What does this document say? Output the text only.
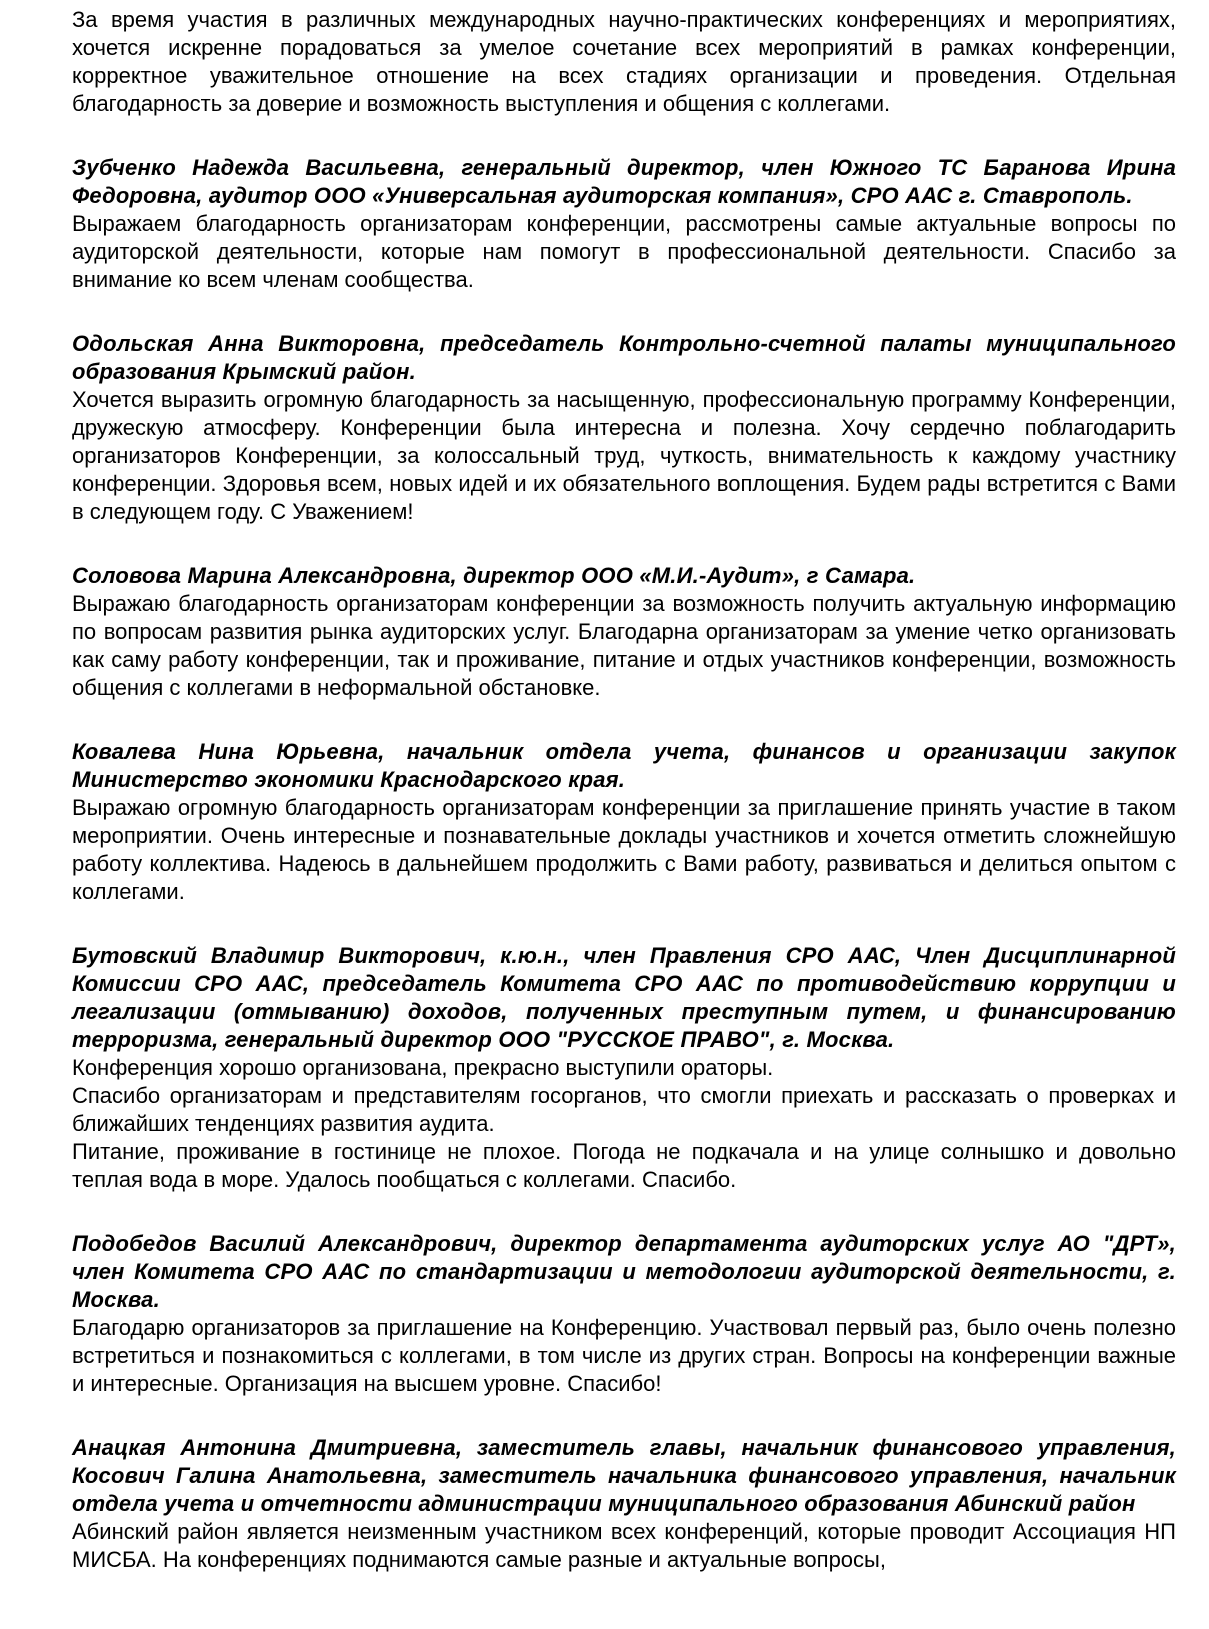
За время участия в различных международных научно-практических конференциях и мероприятиях, хочется искренне порадоваться за умелое сочетание всех мероприятий в рамках конференции, корректное уважительное отношение на всех стадиях организации и проведения. Отдельная благодарность за доверие и возможность выступления и общения с коллегами.

Зубченко Надежда Васильевна, генеральный директор, член Южного ТС Баранова Ирина Федоровна, аудитор ООО «Универсальная аудиторская компания», СРО ААС г. Ставрополь.

Выражаем благодарность организаторам конференции, рассмотрены самые актуальные вопросы по аудиторской деятельности, которые нам помогут в профессиональной деятельности. Спасибо за внимание ко всем членам сообщества.

Одольская Анна Викторовна, председатель Контрольно-счетной палаты муниципального образования Крымский район.

Хочется выразить огромную благодарность за насыщенную, профессиональную программу Конференции, дружескую атмосферу. Конференции была интересна и полезна. Хочу сердечно поблагодарить организаторов Конференции, за колоссальный труд, чуткость, внимательность к каждому участнику конференции. Здоровья всем, новых идей и их обязательного воплощения. Будем рады встретится с Вами в следующем году. С Уважением!

Соловова Марина Александровна, директор ООО «М.И.-Аудит», г Самара.

Выражаю благодарность организаторам конференции за возможность получить актуальную информацию по вопросам развития рынка аудиторских услуг. Благодарна организаторам за умение четко организовать как саму работу конференции, так и проживание, питание и отдых участников конференции, возможность общения с коллегами в неформальной обстановке.

Ковалева Нина Юрьевна, начальник отдела учета, финансов и организации закупок Министерство экономики Краснодарского края.

Выражаю огромную благодарность организаторам конференции за приглашение принять участие в таком мероприятии. Очень интересные и познавательные доклады участников и хочется отметить сложнейшую работу коллектива. Надеюсь в дальнейшем продолжить с Вами работу, развиваться и делиться опытом с коллегами.

Бутовский Владимир Викторович, к.ю.н., член Правления СРО ААС, Член Дисциплинарной Комиссии СРО ААС, председатель Комитета СРО ААС по противодействию коррупции и легализации (отмыванию) доходов, полученных преступным путем, и финансированию терроризма, генеральный директор ООО "РУССКОЕ ПРАВО", г. Москва.

Конференция хорошо организована, прекрасно выступили ораторы.

Спасибо организаторам и представителям госорганов, что смогли приехать и рассказать о проверках и ближайших тенденциях развития аудита.

Питание, проживание в гостинице не плохое. Погода не подкачала и на улице солнышко и довольно теплая вода в море. Удалось пообщаться с коллегами. Спасибо.

Подобедов Василий Александрович, директор департамента аудиторских услуг АО "ДРТ», член Комитета СРО ААС по стандартизации и методологии аудиторской деятельности, г. Москва.

Благодарю организаторов за приглашение на Конференцию. Участвовал первый раз, было очень полезно встретиться и познакомиться с коллегами, в том числе из других стран. Вопросы на конференции важные и интересные. Организация на высшем уровне. Спасибо!

Анацкая Антонина Дмитриевна, заместитель главы, начальник финансового управления, Косович Галина Анатольевна, заместитель начальника финансового управления, начальник отдела учета и отчетности администрации муниципального образования Абинский район

Абинский район является неизменным участником всех конференций, которые проводит Ассоциация НП МИСБА. На конференциях поднимаются самые разные и актуальные вопросы,
